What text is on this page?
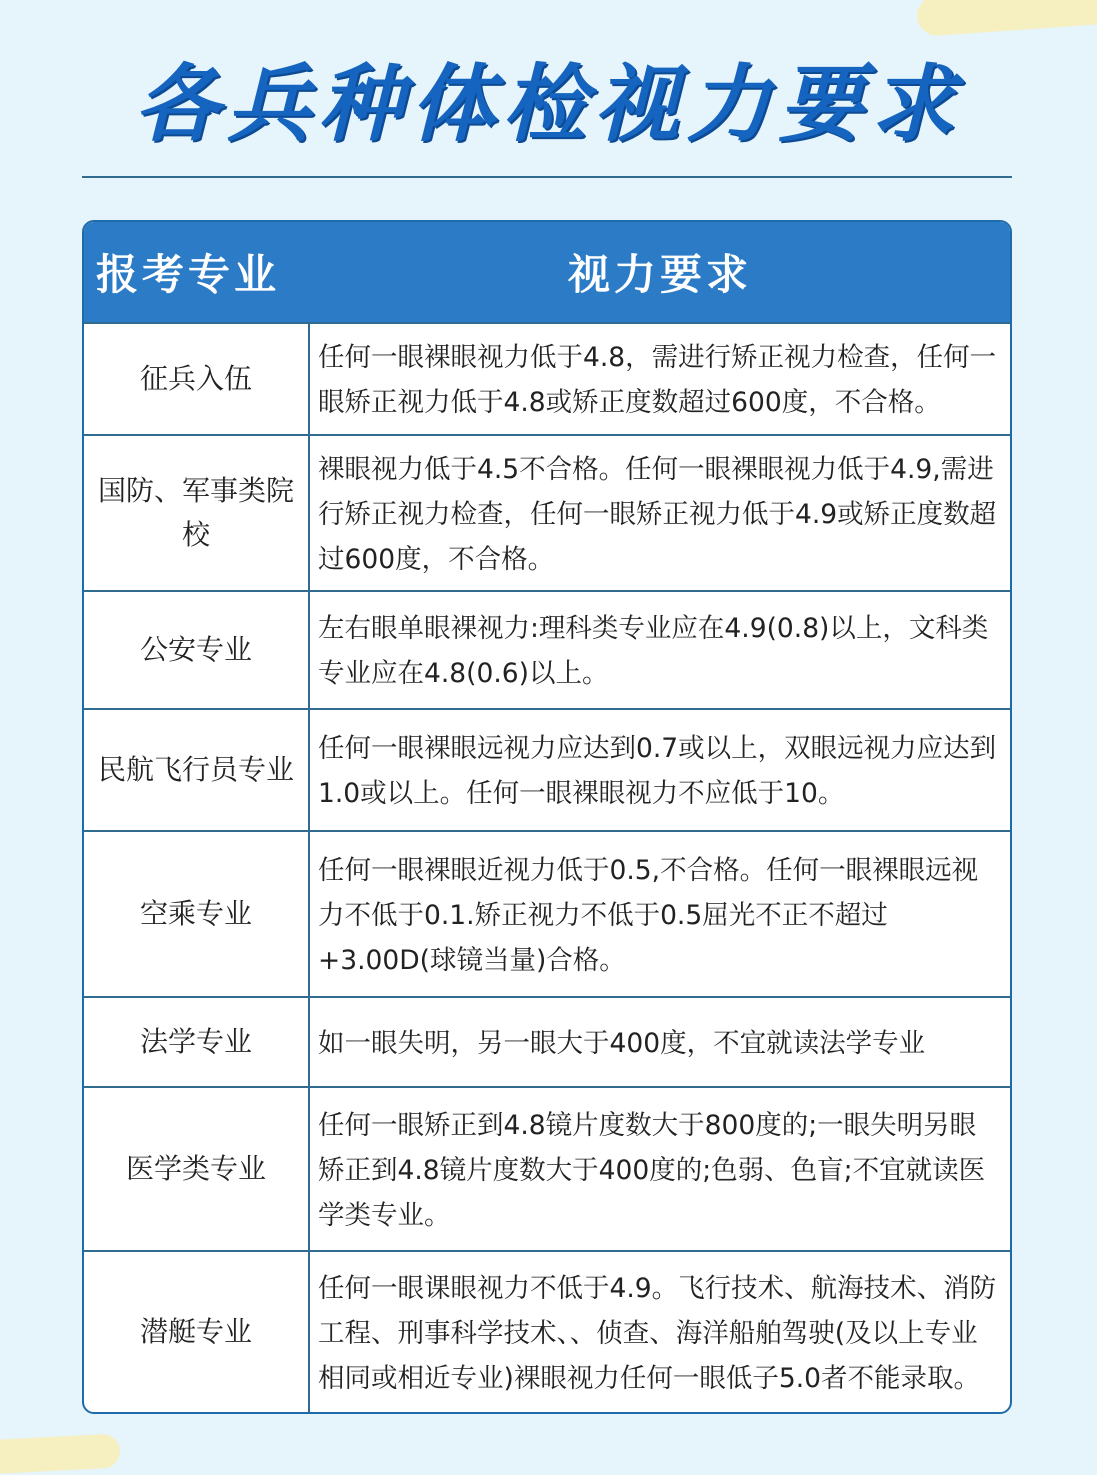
各兵种体检视力要求
报考专业	视力要求
征兵入伍
任何一眼裸眼视力低于4.8，需进行矫正视力检查，任何一眼矫正视力低于4.8或矫正度数超过600度，不合格。
国防、军事类院校
裸眼视力低于4.5不合格。任何一眼裸眼视力低于4.9,需进行矫正视力检查，任何一眼矫正视力低于4.9或矫正度数超过600度，不合格。
公安专业
左右眼单眼裸视力:理科类专业应在4.9(0.8)以上，文科类专业应在4.8(0.6)以上。
民航飞行员专业
任何一眼裸眼远视力应达到0.7或以上，双眼远视力应达到1.0或以上。任何一眼裸眼视力不应低于10。
空乘专业
任何一眼裸眼近视力低于0.5,不合格。任何一眼裸眼远视力不低于0.1.矫正视力不低于0.5屈光不正不超过+3.00D(球镜当量)合格。
法学专业	如一眼失明，另一眼大于400度，不宜就读法学专业
医学类专业
任何一眼矫正到4.8镜片度数大于800度的;一眼失明另眼矫正到4.8镜片度数大于400度的;色弱、色盲;不宜就读医学类专业。
潜艇专业
任何一眼课眼视力不低于4.9。飞行技术、航海技术、消防工程、刑事科学技术、、侦查、海洋船舶驾驶(及以上专业相同或相近专业)裸眼视力任何一眼低子5.0者不能录取。
